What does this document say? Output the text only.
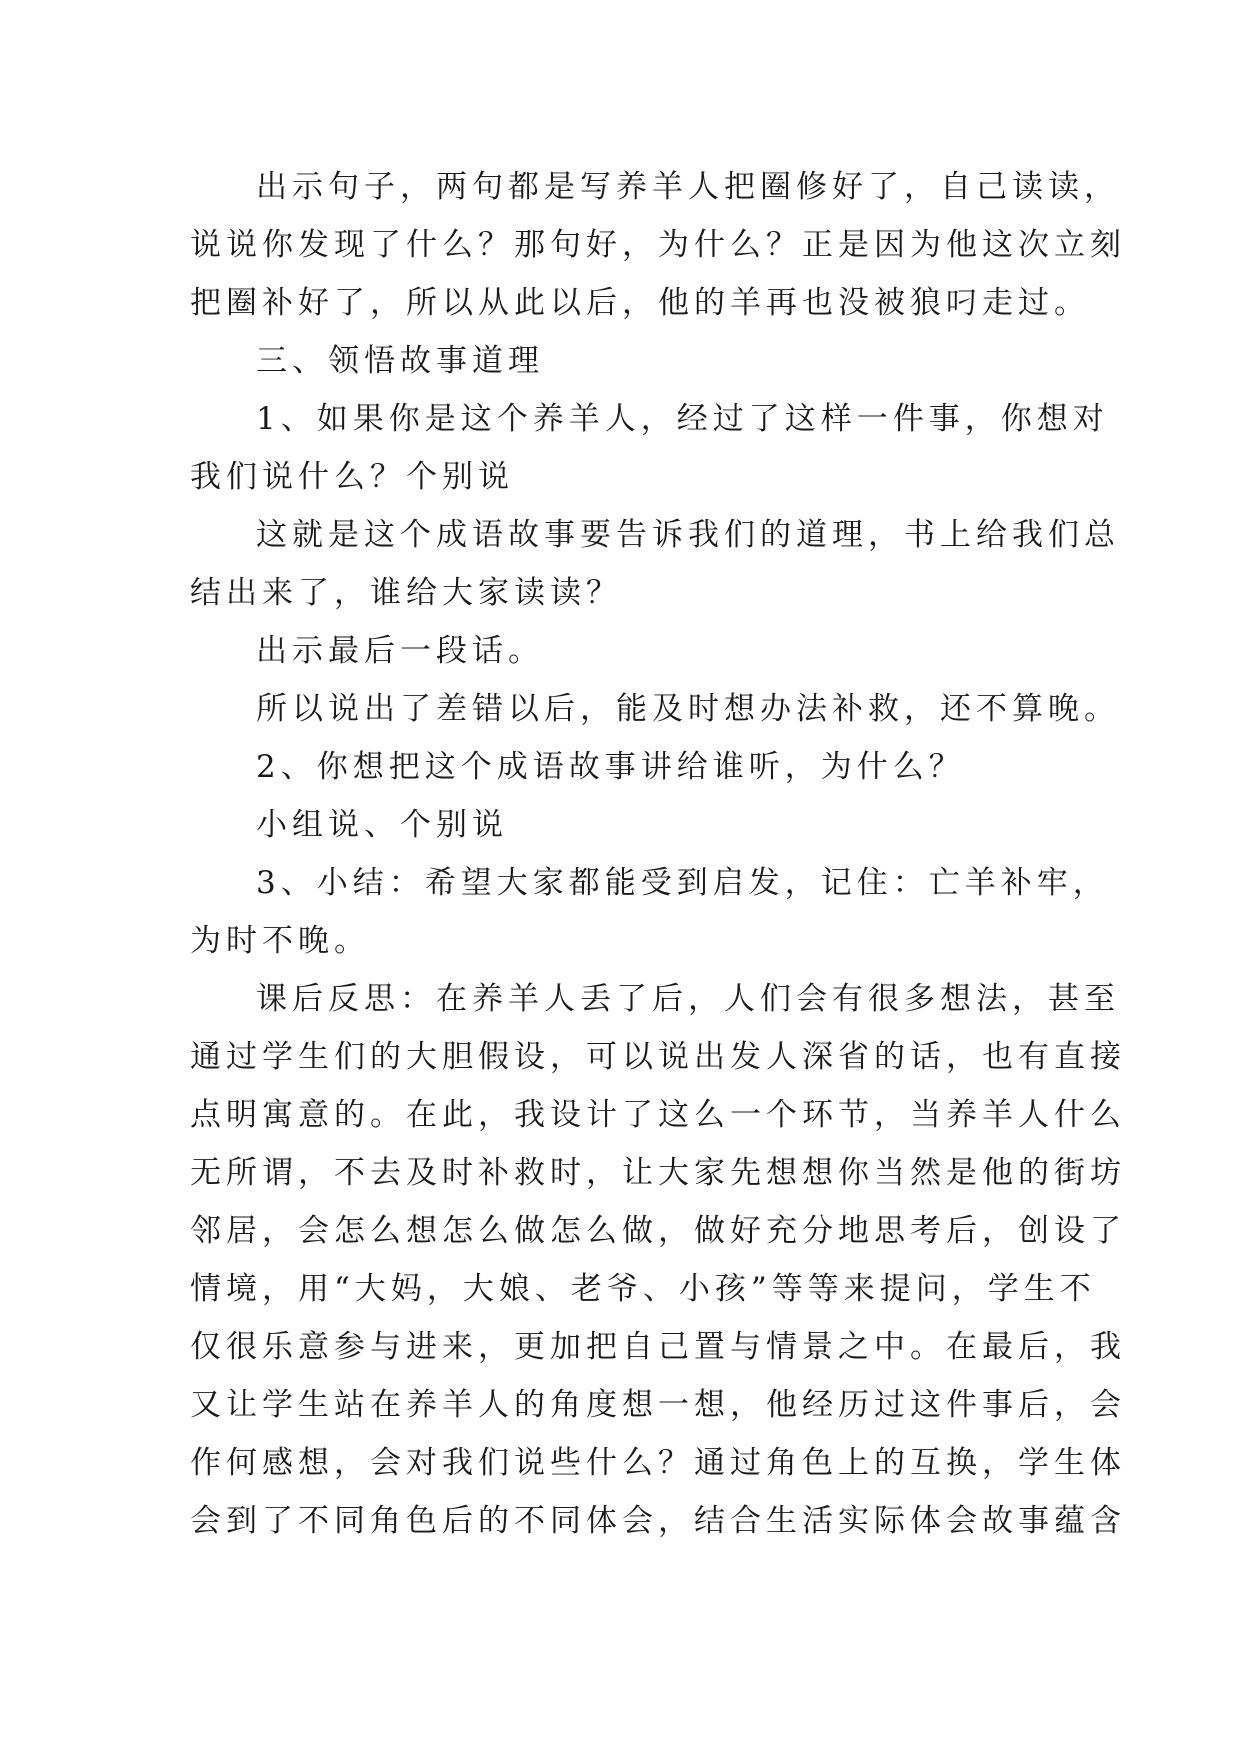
出示句子，两句都是写养羊人把圈修好了，自己读读，
说说你发现了什么？那句好，为什么？正是因为他这次立刻
把圈补好了，所以从此以后，他的羊再也没被狼叼走过。
三、领悟故事道理
1、如果你是这个养羊人，经过了这样一件事，你想对
我们说什么？个别说
这就是这个成语故事要告诉我们的道理，书上给我们总
结出来了，谁给大家读读？
出示最后一段话。
所以说出了差错以后，能及时想办法补救，还不算晚。
2、你想把这个成语故事讲给谁听，为什么？
小组说、个别说
3、小结：希望大家都能受到启发，记住：亡羊补牢，
为时不晚。
课后反思：在养羊人丢了后，人们会有很多想法，甚至
通过学生们的大胆假设，可以说出发人深省的话，也有直接
点明寓意的。在此，我设计了这么一个环节，当养羊人什么
无所谓，不去及时补救时，让大家先想想你当然是他的街坊
邻居，会怎么想怎么做怎么做，做好充分地思考后，创设了
情境，用“大妈，大娘、老爷、小孩”等等来提问，学生不
仅很乐意参与进来，更加把自己置与情景之中。在最后，我
又让学生站在养羊人的角度想一想，他经历过这件事后，会
作何感想，会对我们说些什么？通过角色上的互换，学生体
会到了不同角色后的不同体会，结合生活实际体会故事蕴含
